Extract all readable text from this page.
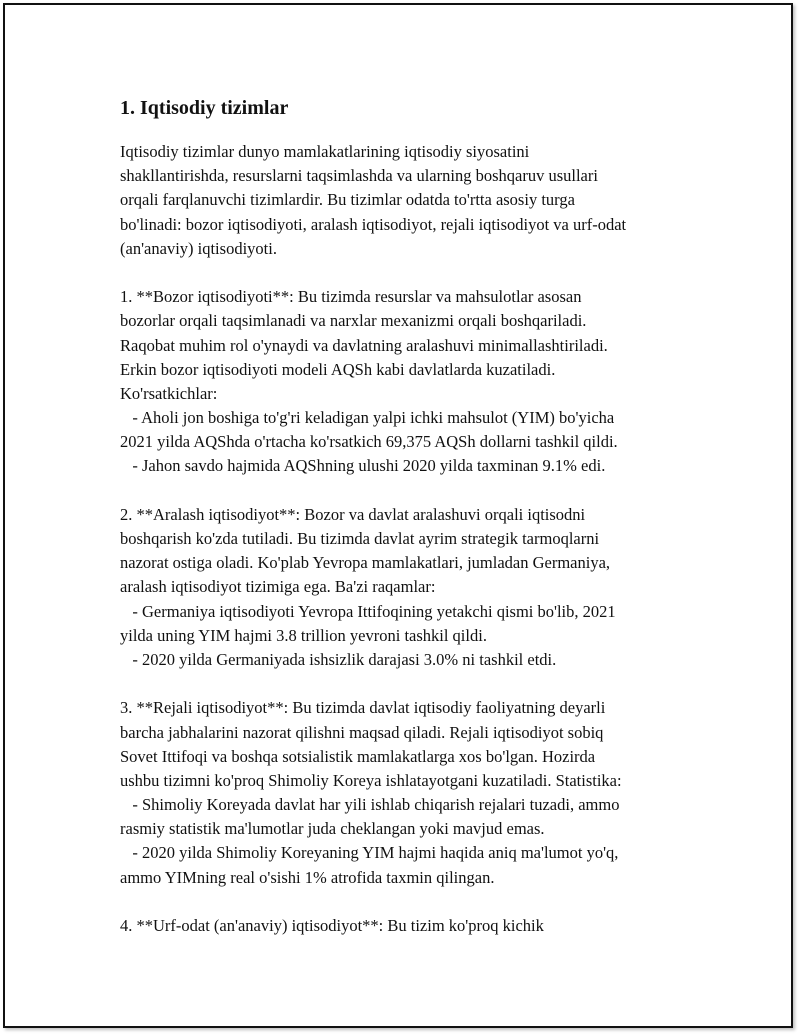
1. Iqtisodiy tizimlar
Iqtisodiy tizimlar dunyo mamlakatlarining iqtisodiy siyosatini
shakllantirishda, resurslarni taqsimlashda va ularning boshqaruv usullari
orqali farqlanuvchi tizimlardir. Bu tizimlar odatda to'rtta asosiy turga
bo'linadi: bozor iqtisodiyoti, aralash iqtisodiyot, rejali iqtisodiyot va urf-odat
(an'anaviy) iqtisodiyoti.
1. **Bozor iqtisodiyoti**: Bu tizimda resurslar va mahsulotlar asosan
bozorlar orqali taqsimlanadi va narxlar mexanizmi orqali boshqariladi.
Raqobat muhim rol o'ynaydi va davlatning aralashuvi minimallashtiriladi.
Erkin bozor iqtisodiyoti modeli AQSh kabi davlatlarda kuzatiladi.
Ko'rsatkichlar:
- Aholi jon boshiga to'g'ri keladigan yalpi ichki mahsulot (YIM) bo'yicha
2021 yilda AQShda o'rtacha ko'rsatkich 69,375 AQSh dollarni tashkil qildi.
- Jahon savdo hajmida AQShning ulushi 2020 yilda taxminan 9.1% edi.
2. **Aralash iqtisodiyot**: Bozor va davlat aralashuvi orqali iqtisodni
boshqarish ko'zda tutiladi. Bu tizimda davlat ayrim strategik tarmoqlarni
nazorat ostiga oladi. Ko'plab Yevropa mamlakatlari, jumladan Germaniya,
aralash iqtisodiyot tizimiga ega. Ba'zi raqamlar:
- Germaniya iqtisodiyoti Yevropa Ittifoqining yetakchi qismi bo'lib, 2021
yilda uning YIM hajmi 3.8 trillion yevroni tashkil qildi.
- 2020 yilda Germaniyada ishsizlik darajasi 3.0% ni tashkil etdi.
3. **Rejali iqtisodiyot**: Bu tizimda davlat iqtisodiy faoliyatning deyarli
barcha jabhalarini nazorat qilishni maqsad qiladi. Rejali iqtisodiyot sobiq
Sovet Ittifoqi va boshqa sotsialistik mamlakatlarga xos bo'lgan. Hozirda
ushbu tizimni ko'proq Shimoliy Koreya ishlatayotgani kuzatiladi. Statistika:
- Shimoliy Koreyada davlat har yili ishlab chiqarish rejalari tuzadi, ammo
rasmiy statistik ma'lumotlar juda cheklangan yoki mavjud emas.
- 2020 yilda Shimoliy Koreyaning YIM hajmi haqida aniq ma'lumot yo'q,
ammo YIMning real o'sishi 1% atrofida taxmin qilingan.
4. **Urf-odat (an'anaviy) iqtisodiyot**: Bu tizim ko'proq kichik
